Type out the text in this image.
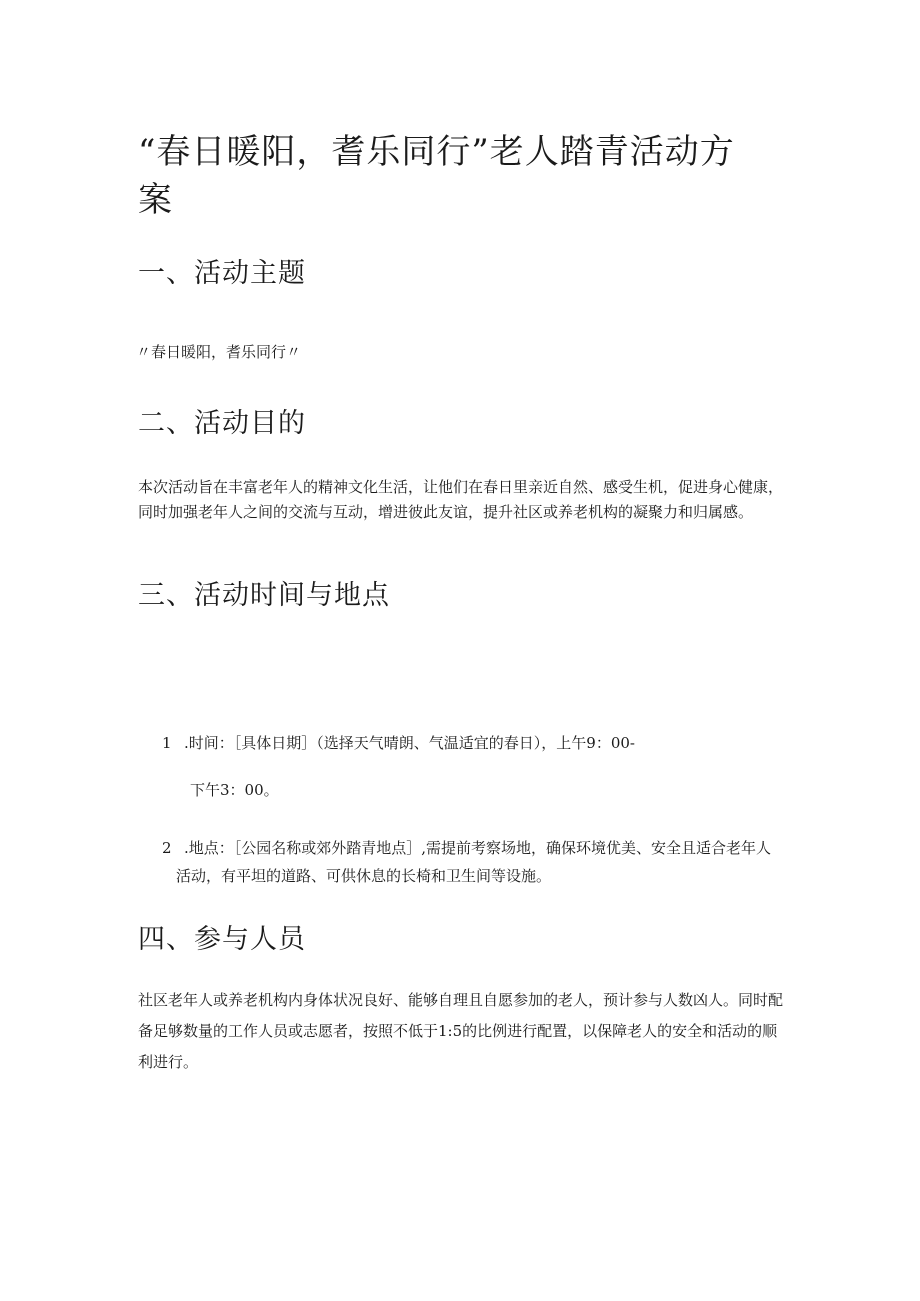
“春日暖阳，耆乐同行”老人踏青活动方案
一、活动主题

〃春日暖阳，耆乐同行〃

二、活动目的

本次活动旨在丰富老年人的精神文化生活，让他们在春日里亲近自然、感受生机，促进身心健康，同时加强老年人之间的交流与互动，增进彼此友谊，提升社区或养老机构的凝聚力和归属感。

三、活动时间与地点
1 .时间：［具体日期］（选择天气晴朗、气温适宜的春日），上午9：00-
下午3：00。
2 .地点：［公园名称或郊外踏青地点］,需提前考察场地，确保环境优美、安全且适合老年人活动，有平坦的道路、可供休息的长椅和卫生间等设施。

四、参与人员

社区老年人或养老机构内身体状况良好、能够自理且自愿参加的老人，预计参与人数凶人。同时配备足够数量的工作人员或志愿者，按照不低于1:5的比例进行配置，以保障老人的安全和活动的顺利进行。
